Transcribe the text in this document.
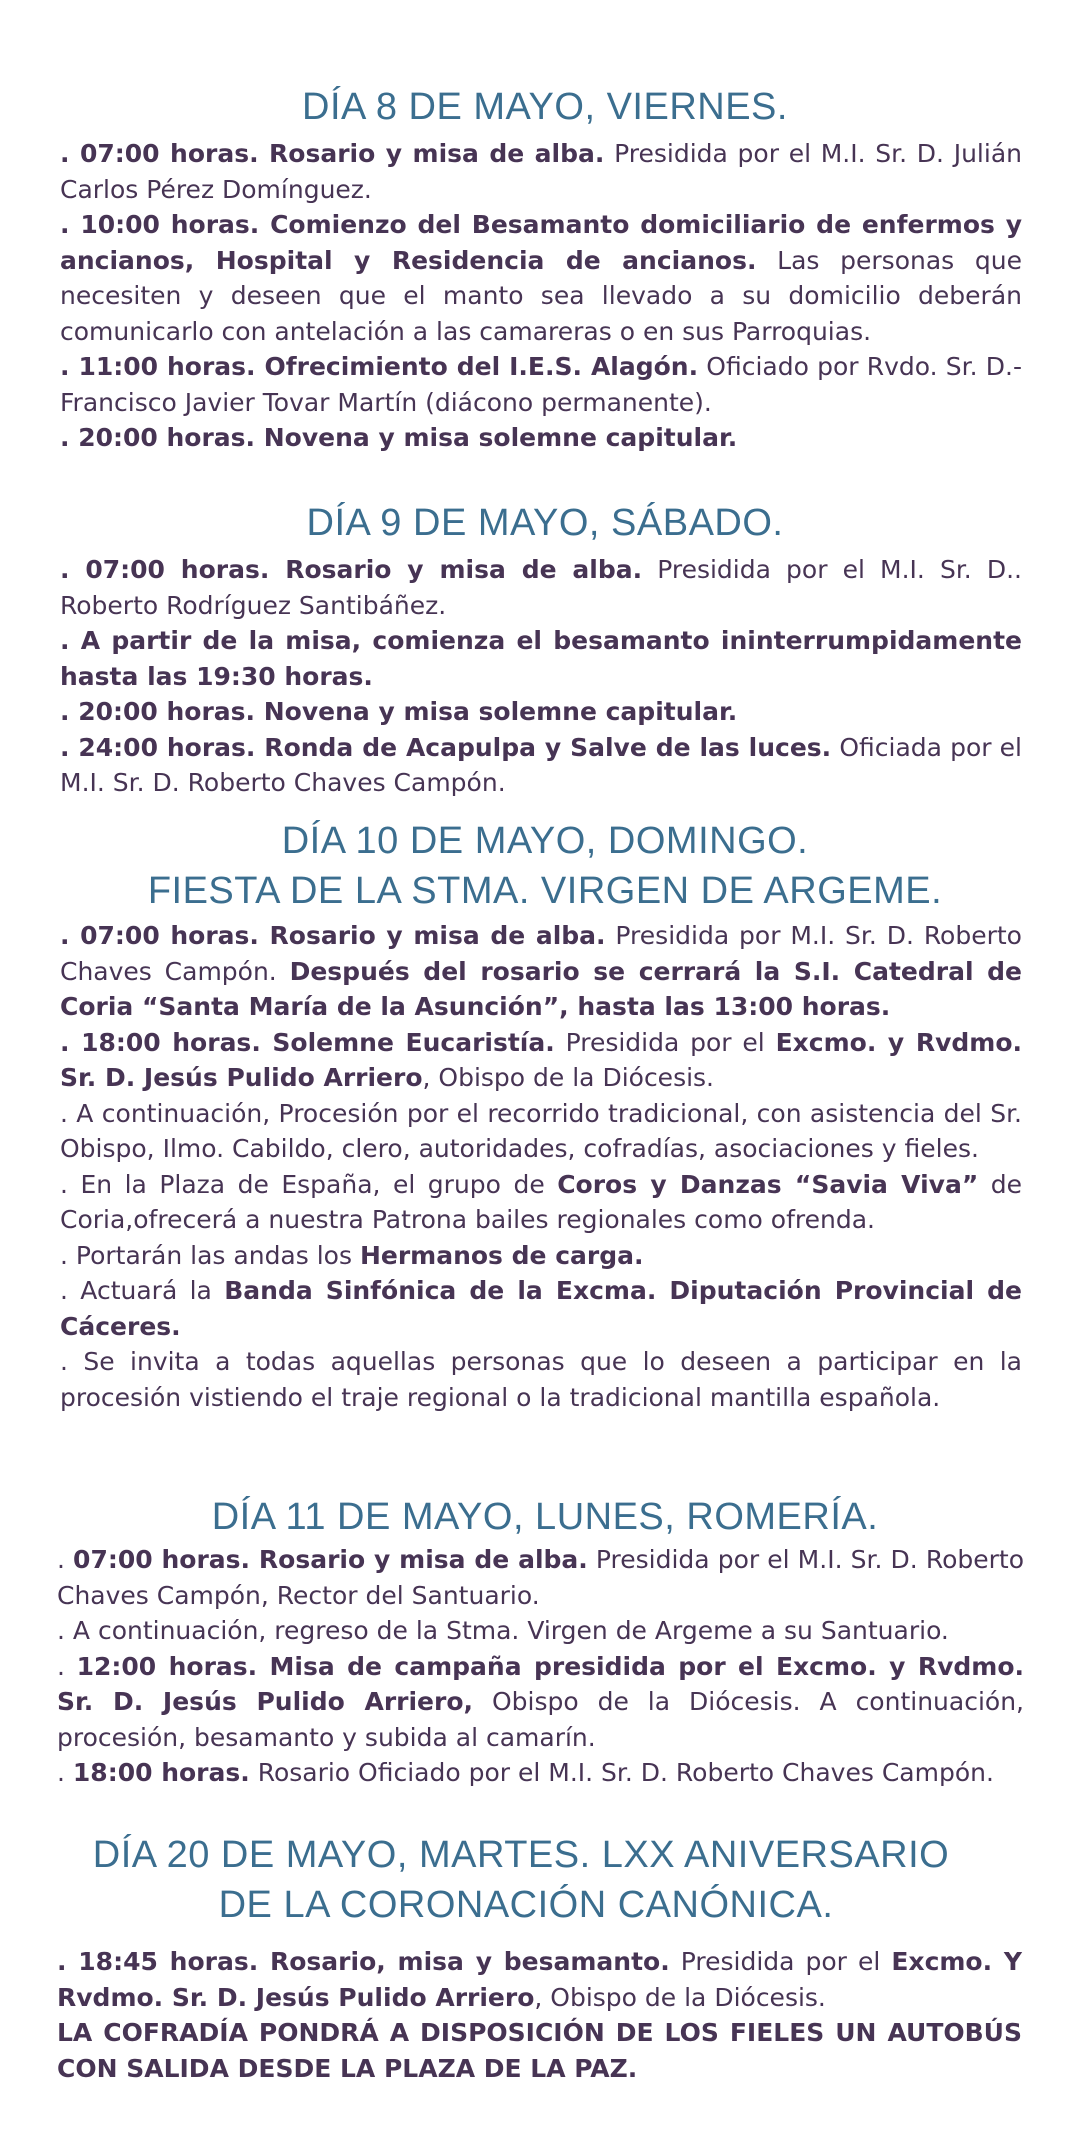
DÍA 8 DE MAYO, VIERNES.

. 07:00 horas. Rosario y misa de alba. Presidida por el M.I. Sr. D. Julián Carlos Pérez Domínguez.

. 10:00 horas. Comienzo del Besamanto domiciliario de enfermos y ancianos, Hospital y Residencia de ancianos. Las personas que necesiten y deseen que el manto sea llevado a su domicilio deberán comunicarlo con antelación a las camareras o en sus Parroquias.

. 11:00 horas. Ofrecimiento del I.E.S. Alagón. Oficiado por Rvdo. Sr. D.-Francisco Javier Tovar Martín (diácono permanente).

. 20:00 horas. Novena y misa solemne capitular.

DÍA 9 DE MAYO, SÁBADO.

. 07:00 horas. Rosario y misa de alba. Presidida por el M.I. Sr. D.. Roberto Rodríguez Santibáñez.

. A partir de la misa, comienza el besamanto ininterrumpidamente hasta las 19:30 horas.

. 20:00 horas. Novena y misa solemne capitular.

. 24:00 horas. Ronda de Acapulpa y Salve de las luces. Oficiada por el M.I. Sr. D. Roberto Chaves Campón.

DÍA 10 DE MAYO, DOMINGO.
FIESTA DE LA STMA. VIRGEN DE ARGEME.

. 07:00 horas. Rosario y misa de alba. Presidida por M.I. Sr. D. Roberto Chaves Campón. Después del rosario se cerrará la S.I. Catedral de Coria “Santa María de la Asunción”, hasta las 13:00 horas.

. 18:00 horas. Solemne Eucaristía. Presidida por el Excmo. y Rvdmo. Sr. D. Jesús Pulido Arriero, Obispo de la Diócesis.

. A continuación, Procesión por el recorrido tradicional, con asistencia del Sr. Obispo, Ilmo. Cabildo, clero, autoridades, cofradías, asociaciones y fieles.

. En la Plaza de España, el grupo de Coros y Danzas “Savia Viva” de Coria,ofrecerá a nuestra Patrona bailes regionales como ofrenda.

. Portarán las andas los Hermanos de carga.

. Actuará la Banda Sinfónica de la Excma. Diputación Provincial de Cáceres.

. Se invita a todas aquellas personas que lo deseen a participar en la procesión vistiendo el traje regional o la tradicional mantilla española.

DÍA 11 DE MAYO, LUNES, ROMERÍA.

. 07:00 horas. Rosario y misa de alba. Presidida por el M.I. Sr. D. Roberto Chaves Campón, Rector del Santuario.

. A continuación, regreso de la Stma. Virgen de Argeme a su Santuario.

. 12:00 horas. Misa de campaña presidida por el Excmo. y Rvdmo. Sr. D. Jesús Pulido Arriero, Obispo de la Diócesis. A continuación, procesión, besamanto y subida al camarín.

. 18:00 horas. Rosario Oficiado por el M.I. Sr. D. Roberto Chaves Campón.

DÍA 20 DE MAYO, MARTES. LXX ANIVERSARIO
DE LA CORONACIÓN CANÓNICA.

. 18:45 horas. Rosario, misa y besamanto. Presidida por el Excmo. Y Rvdmo. Sr. D. Jesús Pulido Arriero, Obispo de la Diócesis.

LA COFRADÍA PONDRÁ A DISPOSICIÓN DE LOS FIELES UN AUTOBÚS CON SALIDA DESDE LA PLAZA DE LA PAZ.
